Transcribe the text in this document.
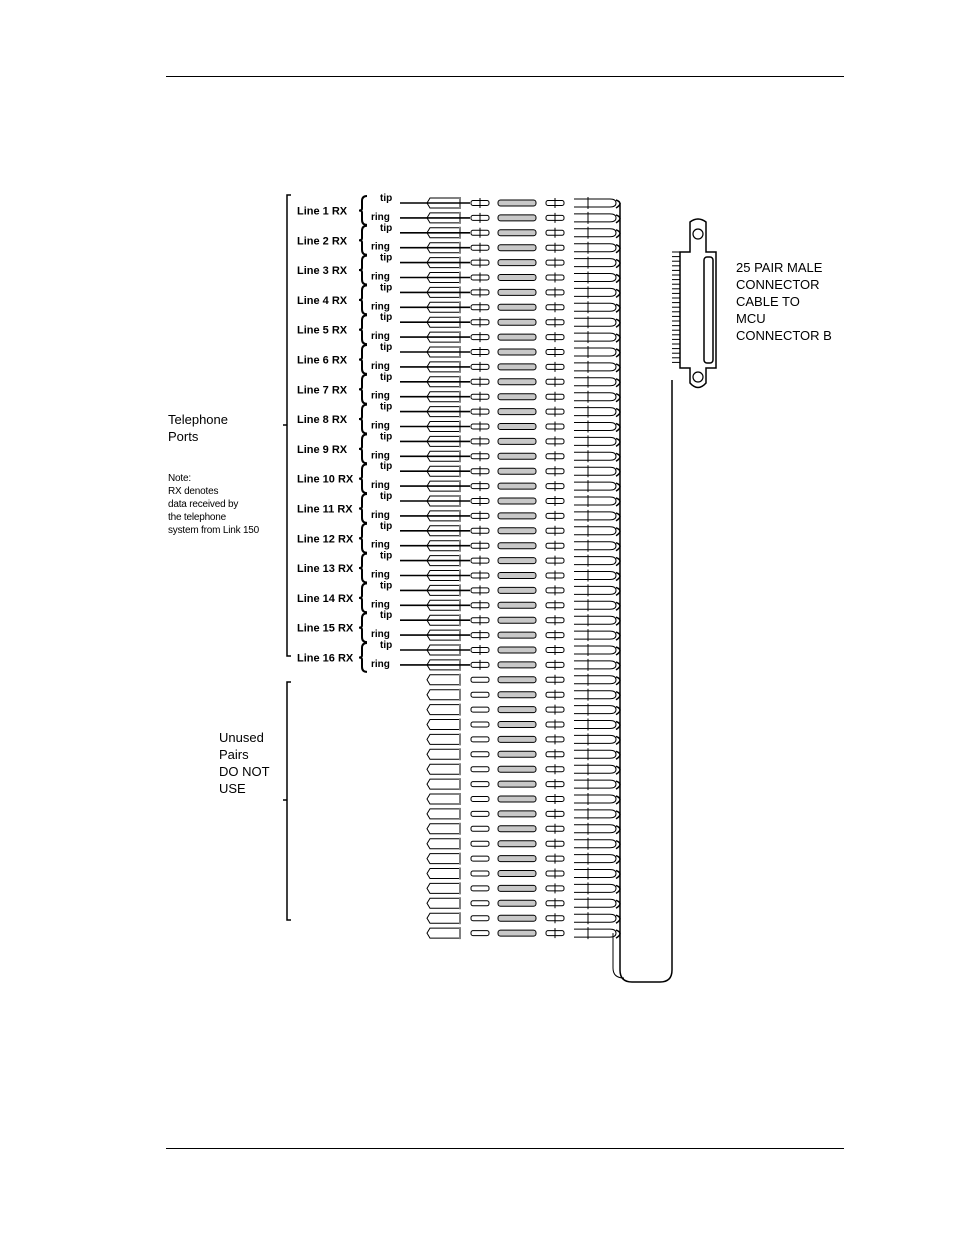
Line 1 RX
tip
ring
Line 2 RX
tip
ring
Line 3 RX
tip
ring
Line 4 RX
tip
ring
Line 5 RX
tip
ring
Line 6 RX
tip
ring
Line 7 RX
tip
ring
Line 8 RX
tip
ring
Line 9 RX
tip
ring
Line 10 RX
tip
ring
Line 11 RX
tip
ring
Line 12 RX
tip
ring
Line 13 RX
tip
ring
Line 14 RX
tip
ring
Line 15 RX
tip
ring
Line 16 RX
tip
ring
Telephone
Ports
Note:
RX denotes
data received by
the telephone
system from Link 150
Unused
Pairs
DO NOT
USE
25 PAIR MALE
CONNECTOR
CABLE TO
MCU
CONNECTOR B
